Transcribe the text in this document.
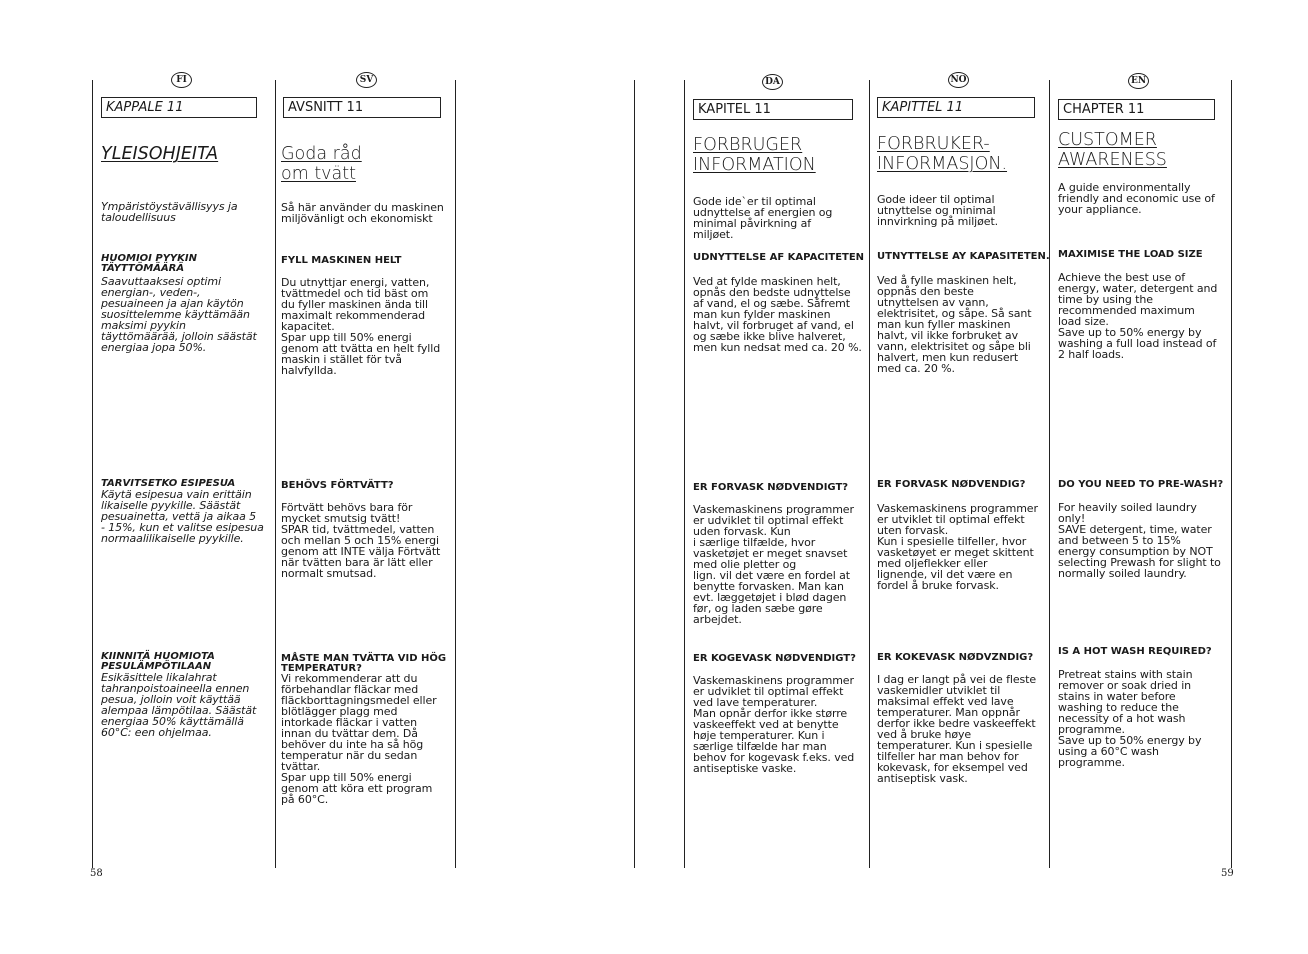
FI
KAPPALE 11
YLEISOHJEITA
Ympäristöystävällisyys ja
taloudellisuus
HUOMIOI PYYKIN
TÄYTTÖMÄÄRÄ
Saavuttaaksesi optimi
energian-, veden-,
pesuaineen ja ajan käytön
suosittelemme käyttämään
maksimi pyykin
täyttömäärää, jolloin säästät
energiaa jopa 50%.
TARVITSETKO ESIPESUA
Käytä esipesua vain erittäin
likaiselle pyykille. Säästät
pesuainetta, vettä ja aikaa 5
- 15%, kun et valitse esipesua
normaalilikaiselle pyykille.
KIINNITÄ HUOMIOTA
PESULÄMPÖTILAAN
Esikäsittele likalahrat
tahranpoistoaineella ennen
pesua, jolloin voit käyttää
alempaa lämpötilaa. Säästät
energiaa 50% käyttämällä
60°C: een ohjelmaa.
SV
AVSNITT 11
Goda råd
om tvätt
Så här använder du maskinen
miljövänligt och ekonomiskt
FYLL MASKINEN HELT
Du utnyttjar energi, vatten,
tvättmedel och tid bäst om
du fyller maskinen ända till
maximalt rekommenderad
kapacitet.
Spar upp till 50% energi
genom att tvätta en helt fylld
maskin i stället för två
halvfyllda.
BEHÖVS FÖRTVÄTT?
Förtvätt behövs bara för
mycket smutsig tvätt!
SPAR tid, tvättmedel, vatten
och mellan 5 och 15% energi
genom att INTE välja Förtvätt
när tvätten bara är lätt eller
normalt smutsad.
MÅSTE MAN TVÄTTA VID HÖG
TEMPERATUR?
Vi rekommenderar att du
förbehandlar fläckar med
fläckborttagningsmedel eller
blötlägger plagg med
intorkade fläckar i vatten
innan du tvättar dem. Då
behöver du inte ha så hög
temperatur när du sedan
tvättar.
Spar upp till 50% energi
genom att köra ett program
på 60°C.
DA
KAPITEL 11
FORBRUGER
INFORMATION
Gode ide`er til optimal
udnyttelse af energien og
minimal påvirkning af
miljøet.
UDNYTTELSE AF KAPACITETEN
Ved at fylde maskinen helt,
opnås den bedste udnyttelse
af vand, el og sæbe. Såfremt
man kun fylder maskinen
halvt, vil forbruget af vand, el
og sæbe ikke blive halveret,
men kun nedsat med ca. 20 %.
ER FORVASK NØDVENDIGT?
Vaskemaskinens programmer
er udviklet til optimal effekt
uden forvask. Kun
i særlige tilfælde, hvor
vasketøjet er meget snavset
med olie pletter og
lign. vil det være en fordel at
benytte forvasken. Man kan
evt. læggetøjet i blød dagen
før, og laden sæbe gøre
arbejdet.
ER KOGEVASK NØDVENDIGT?
Vaskemaskinens programmer
er udviklet til optimal effekt
ved lave temperaturer.
Man opnår derfor ikke større
vaskeeffekt ved at benytte
høje temperaturer. Kun i
særlige tilfælde har man
behov for kogevask f.eks. ved
antiseptiske vaske.
NO
KAPITTEL 11
FORBRUKER-
INFORMASJON.
Gode ideer til optimal
utnyttelse og minimal
innvirkning på miljøet.
UTNYTTELSE AY KAPASITETEN.
Ved å fylle maskinen helt,
oppnås den beste
utnyttelsen av vann,
elektrisitet, og såpe. Så sant
man kun fyller maskinen
halvt, vil ikke forbruket av
vann, elektrisitet og såpe bli
halvert, men kun redusert
med ca. 20 %.
ER FORVASK NØDVENDIG?
Vaskemaskinens programmer
er utviklet til optimal effekt
uten forvask.
Kun i spesielle tilfeller, hvor
vasketøyet er meget skittent
med oljeflekker eller
lignende, vil det være en
fordel å bruke forvask.
ER KOKEVASK NØDVZNDIG?
I dag er langt på vei de fleste
vaskemidler utviklet til
maksimal effekt ved lave
temperaturer. Man oppnår
derfor ikke bedre vaskeeffekt
ved å bruke høye
temperaturer. Kun i spesielle
tilfeller har man behov for
kokevask, for eksempel ved
antiseptisk vask.
EN
CHAPTER 11
CUSTOMER
AWARENESS
A guide environmentally
friendly and economic use of
your appliance.
MAXIMISE THE LOAD SIZE
Achieve the best use of
energy, water, detergent and
time by using the
recommended maximum
load size.
Save up to 50% energy by
washing a full load instead of
2 half loads.
DO YOU NEED TO PRE-WASH?
For heavily soiled laundry
only!
SAVE detergent, time, water
and between 5 to 15%
energy consumption by NOT
selecting Prewash for slight to
normally soiled laundry.
IS A HOT WASH REQUIRED?
Pretreat stains with stain
remover or soak dried in
stains in water before
washing to reduce the
necessity of a hot wash
programme.
Save up to 50% energy by
using a 60°C wash
programme.
58	59
